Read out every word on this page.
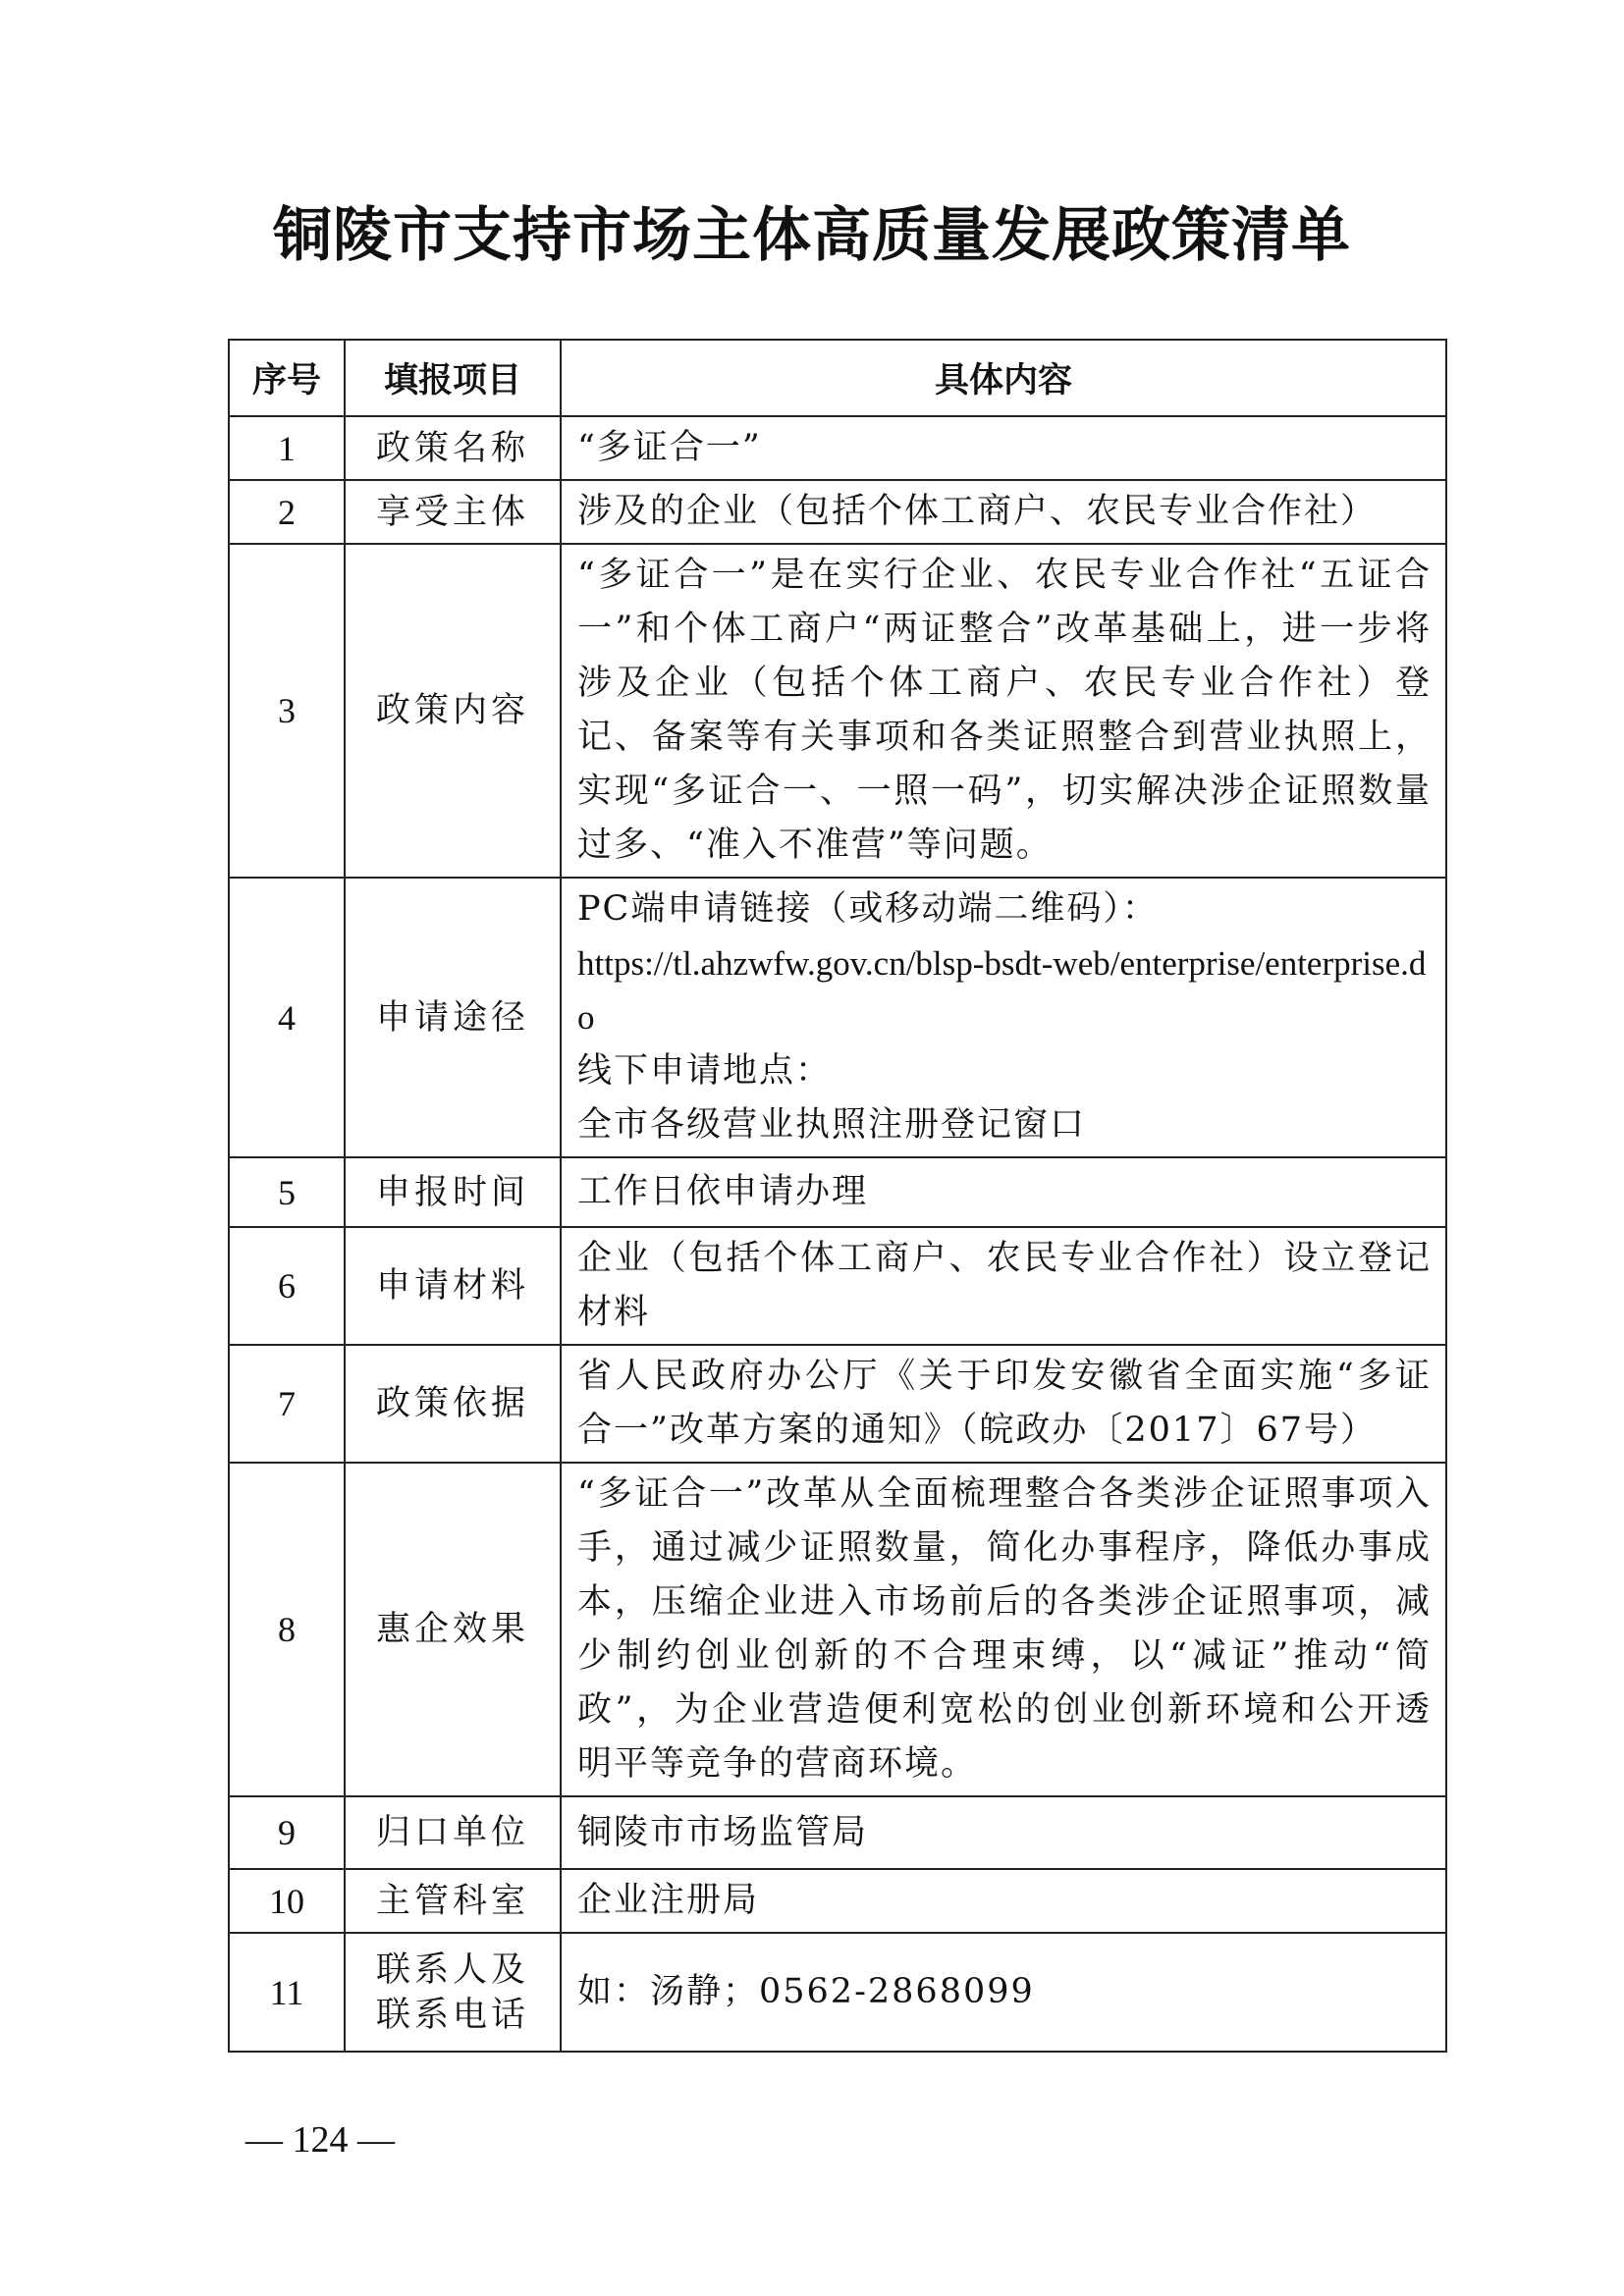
铜陵市支持市场主体高质量发展政策清单
序号	填报项目	具体内容
1	政策名称	“多证合一”

2	享受主体	涉及的企业（包括个体工商户、农民专业合作社）

3	政策内容	“多证合一”是在实行企业、农民专业合作社“五证合一”和个体工商户“两证整合”改革基础上，进一步将涉及企业（包括个体工商户、农民专业合作社）登记、备案等有关事项和各类证照整合到营业执照上，实现“多证合一、一照一码”，切实解决涉企证照数量过多、“准入不准营”等问题。

4	申请途径	PC端申请链接（或移动端二维码）：
https://tl.ahzwfw.gov.cn/blsp-bsdt-web/enterprise/enterprise.do
线下申请地点：
全市各级营业执照注册登记窗口

5	申报时间	工作日依申请办理

6	申请材料	企业（包括个体工商户、农民专业合作社）设立登记材料

7	政策依据	省人民政府办公厅《关于印发安徽省全面实施“多证合一”改革方案的通知》（皖政办〔2017〕67号）

8	惠企效果	“多证合一”改革从全面梳理整合各类涉企证照事项入手，通过减少证照数量，简化办事程序，降低办事成本，压缩企业进入市场前后的各类涉企证照事项，减少制约创业创新的不合理束缚，以“减证”推动“简政”，为企业营造便利宽松的创业创新环境和公开透明平等竞争的营商环境。

9	归口单位	铜陵市市场监管局

10	主管科室	企业注册局

11	联系人及联系电话	如：汤静；0562-2868099
— 124 —
